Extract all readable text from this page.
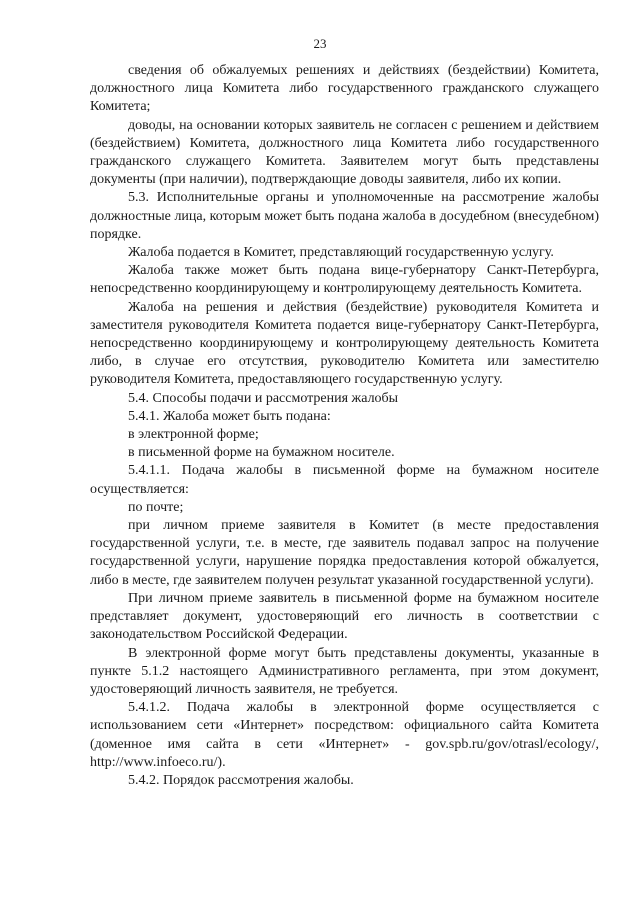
23

сведения об обжалуемых решениях и действиях (бездействии) Комитета, должностного лица Комитета либо государственного гражданского служащего Комитета;

доводы, на основании которых заявитель не согласен с решением и действием (бездействием) Комитета, должностного лица Комитета либо государственного гражданского служащего Комитета. Заявителем могут быть представлены документы (при наличии), подтверждающие доводы заявителя, либо их копии.

5.3. Исполнительные органы и уполномоченные на рассмотрение жалобы должностные лица, которым может быть подана жалоба в досудебном (внесудебном) порядке.

Жалоба подается в Комитет, представляющий государственную услугу.

Жалоба также может быть подана вице-губернатору Санкт-Петербурга, непосредственно координирующему и контролирующему деятельность Комитета.

Жалоба на решения и действия (бездействие) руководителя Комитета и заместителя руководителя Комитета подается вице-губернатору Санкт-Петербурга, непосредственно координирующему и контролирующему деятельность Комитета либо, в случае его отсутствия, руководителю Комитета или заместителю руководителя Комитета, предоставляющего государственную услугу.

5.4. Способы подачи и рассмотрения жалобы

5.4.1. Жалоба может быть подана:

в электронной форме;

в письменной форме на бумажном носителе.

5.4.1.1. Подача жалобы в письменной форме на бумажном носителе осуществляется:

по почте;

при личном приеме заявителя в Комитет (в месте предоставления государственной услуги, т.е. в месте, где заявитель подавал запрос на получение государственной услуги, нарушение порядка предоставления которой обжалуется, либо в месте, где заявителем получен результат указанной государственной услуги).

При личном приеме заявитель в письменной форме на бумажном носителе представляет документ, удостоверяющий его личность в соответствии с законодательством Российской Федерации.

В электронной форме могут быть представлены документы, указанные в пункте 5.1.2 настоящего Административного регламента, при этом документ, удостоверяющий личность заявителя, не требуется.

5.4.1.2. Подача жалобы в электронной форме осуществляется с использованием сети «Интернет» посредством: официального сайта Комитета (доменное имя сайта в сети «Интернет» - gov.spb.ru/gov/otrasl/ecology/, http://www.infoeco.ru/).

5.4.2. Порядок рассмотрения жалобы.
